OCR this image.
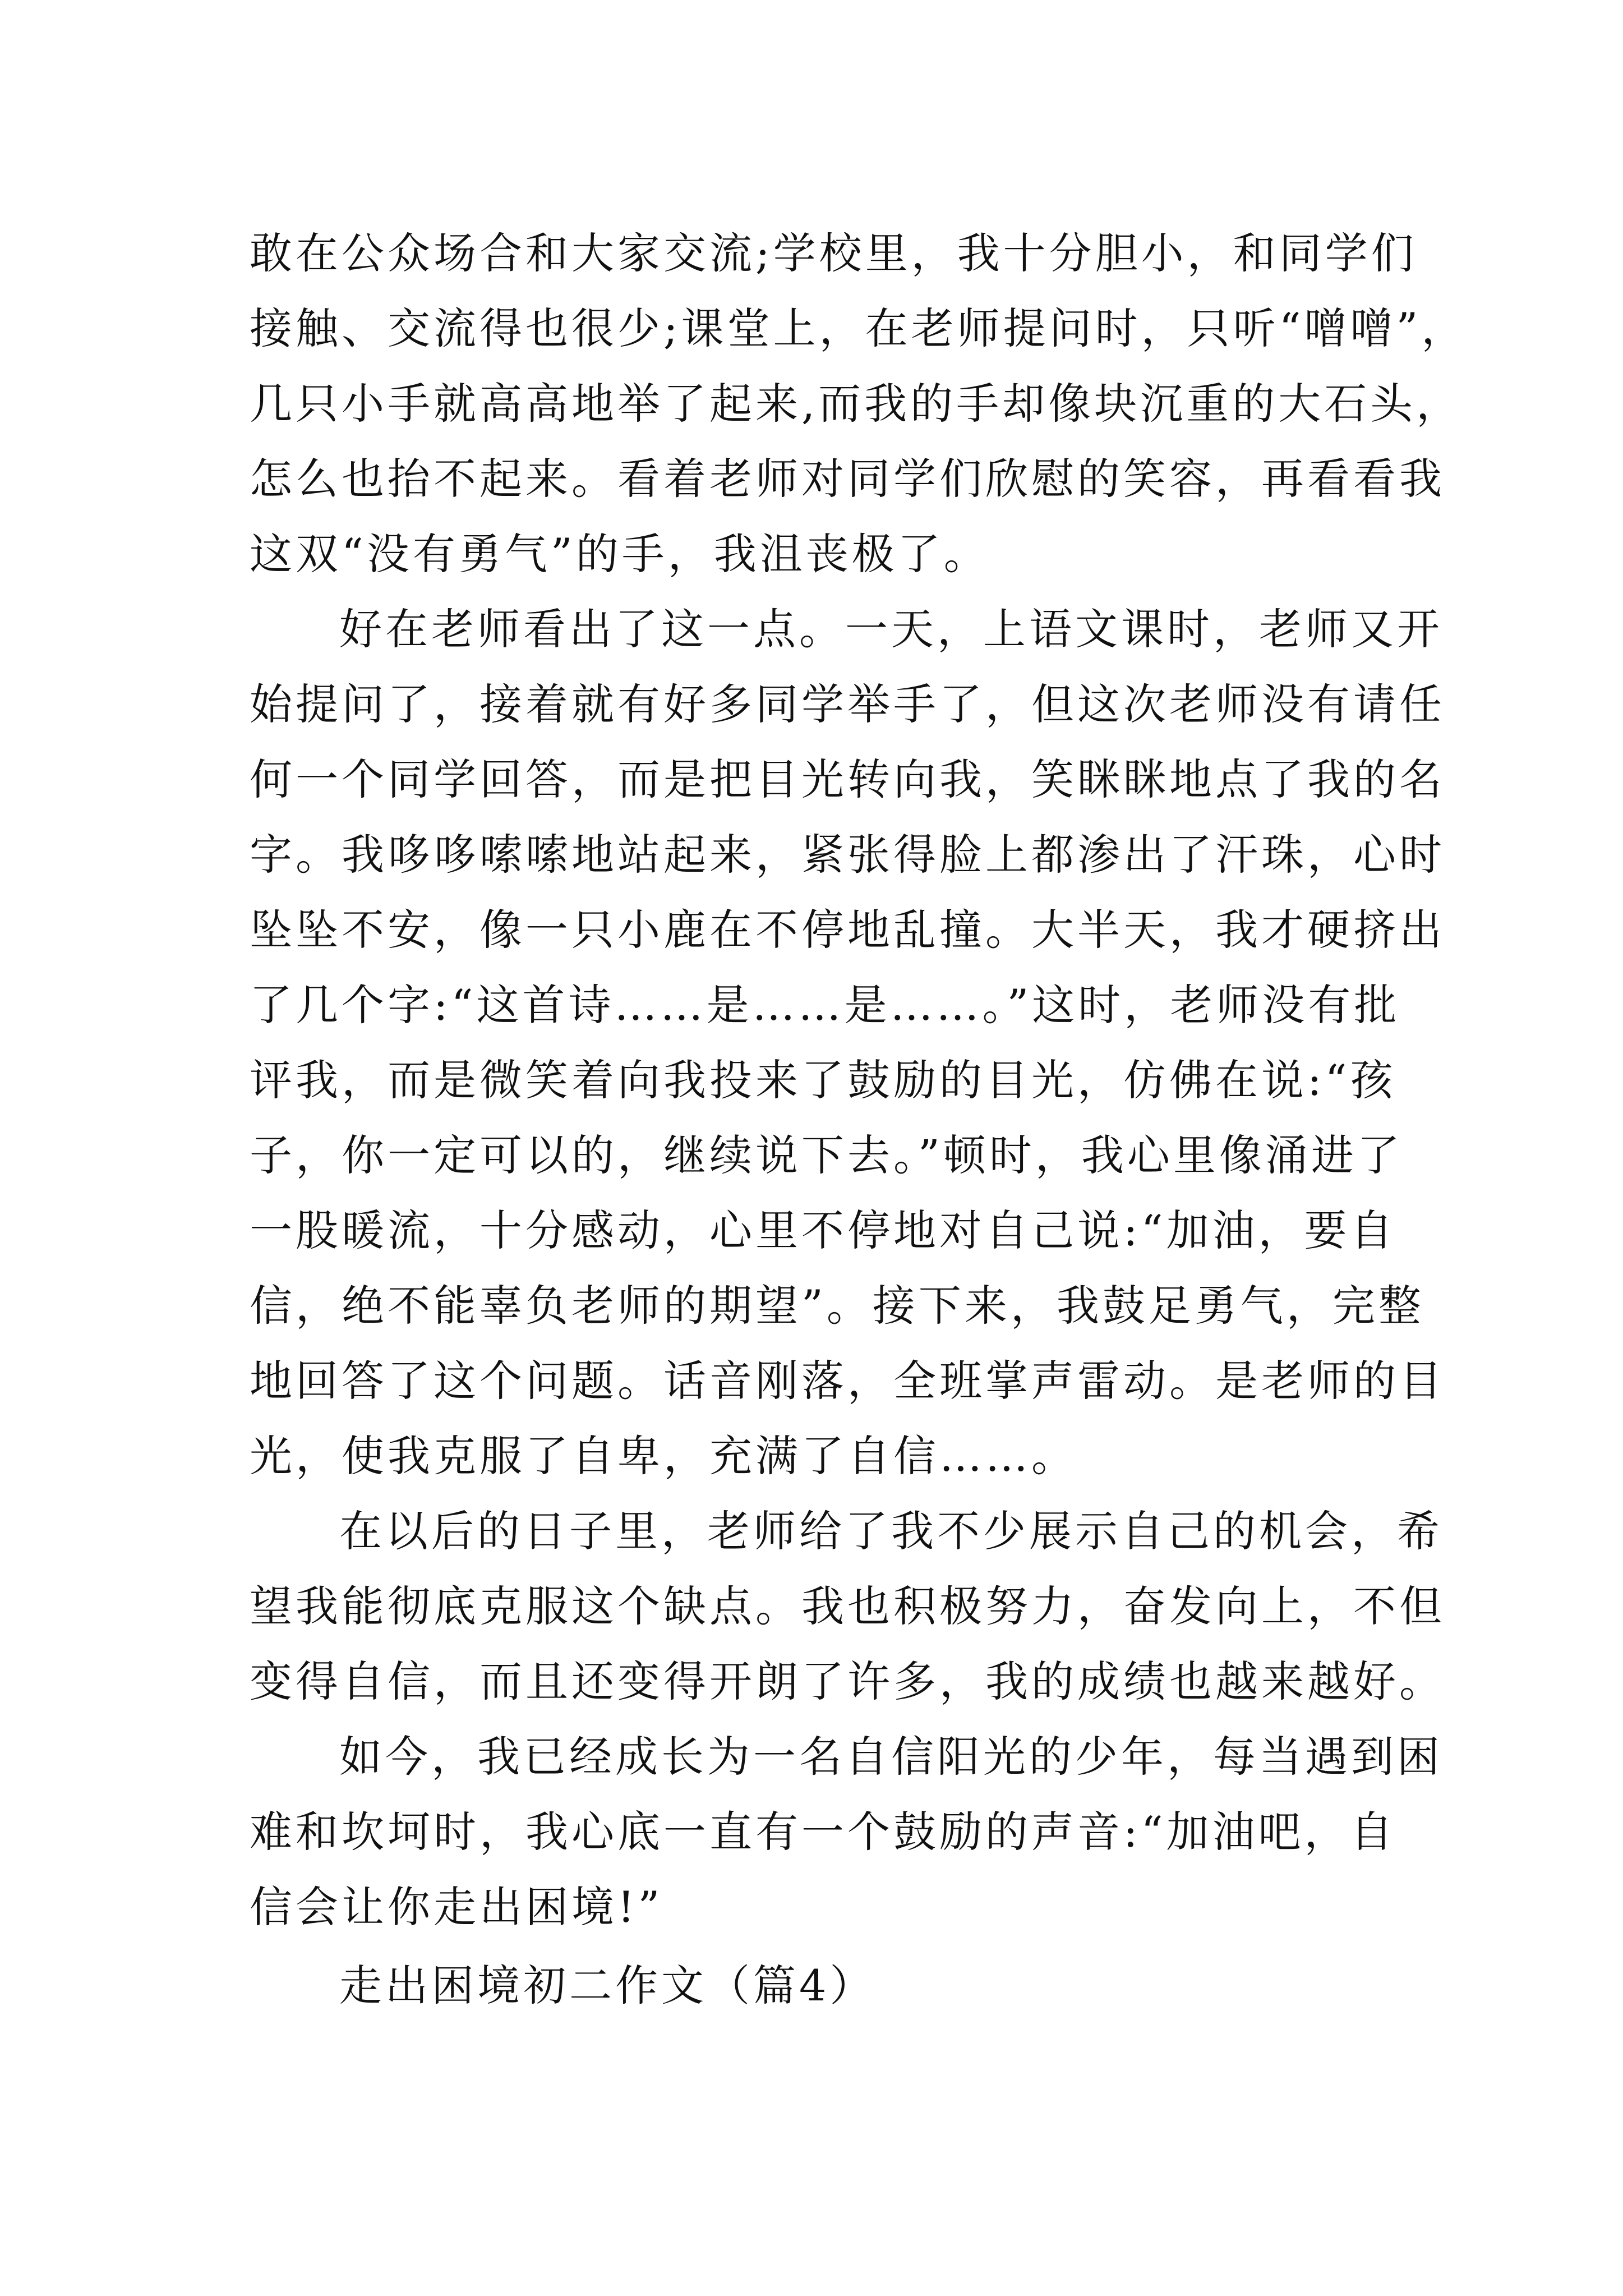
敢在公众场合和大家交流;学校里，我十分胆小，和同学们
接触、交流得也很少;课堂上，在老师提问时，只听“噌噌”，
几只小手就高高地举了起来,而我的手却像块沉重的大石头，
怎么也抬不起来。看着老师对同学们欣慰的笑容，再看看我
这双“没有勇气”的手，我沮丧极了。
好在老师看出了这一点。一天，上语文课时，老师又开
始提问了，接着就有好多同学举手了，但这次老师没有请任
何一个同学回答，而是把目光转向我，笑眯眯地点了我的名
字。我哆哆嗦嗦地站起来，紧张得脸上都渗出了汗珠，心时
坠坠不安，像一只小鹿在不停地乱撞。大半天，我才硬挤出
了几个字:“这首诗……是……是……。”这时，老师没有批
评我，而是微笑着向我投来了鼓励的目光，仿佛在说:“孩
子，你一定可以的，继续说下去。”顿时，我心里像涌进了
一股暖流，十分感动，心里不停地对自己说:“加油，要自
信，绝不能辜负老师的期望”。接下来，我鼓足勇气，完整
地回答了这个问题。话音刚落，全班掌声雷动。是老师的目
光，使我克服了自卑，充满了自信……。
在以后的日子里，老师给了我不少展示自己的机会，希
望我能彻底克服这个缺点。我也积极努力，奋发向上，不但
变得自信，而且还变得开朗了许多，我的成绩也越来越好。
如今，我已经成长为一名自信阳光的少年，每当遇到困
难和坎坷时，我心底一直有一个鼓励的声音:“加油吧，自
信会让你走出困境!”
走出困境初二作文（篇4）
